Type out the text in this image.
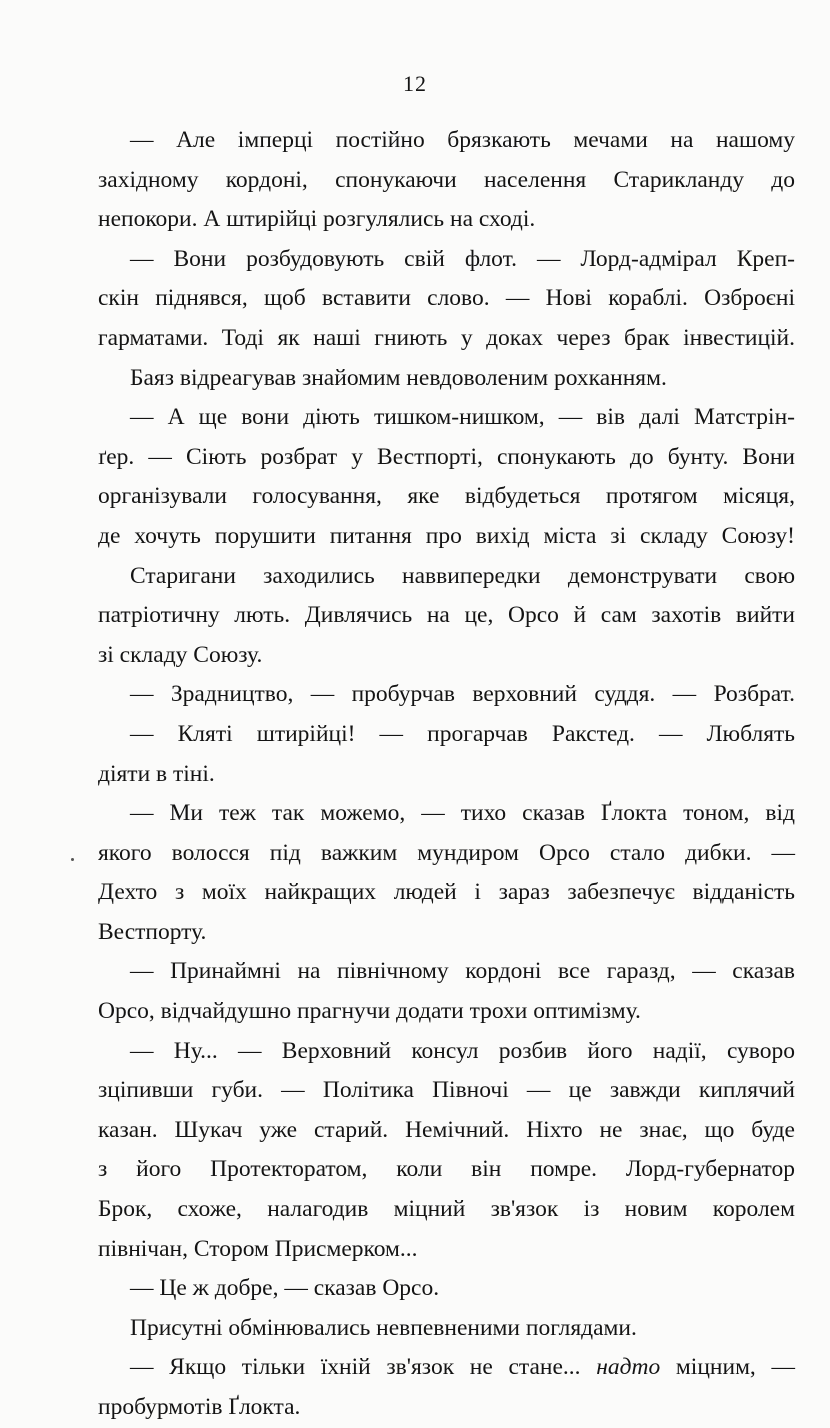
12
— Але імперці постійно брязкають мечами на нашому
західному кордоні, спонукаючи населення Старикланду до
непокори. А штирійці розгулялись на сході.
— Вони розбудовують свій флот. — Лорд-адмірал Креп-
скін піднявся, щоб вставити слово. — Нові кораблі. Озброєні
гарматами. Тоді як наші гниють у доках через брак інвестицій.
Баяз відреагував знайомим невдоволеним рохканням.
— А ще вони діють тишком-нишком, — вів далі Матстрін-
ґер. — Сіють розбрат у Вестпорті, спонукають до бунту. Вони
організували голосування, яке відбудеться протягом місяця,
де хочуть порушити питання про вихід міста зі складу Союзу!
Старигани заходились наввипередки демонструвати свою
патріотичну лють. Дивлячись на це, Орсо й сам захотів вийти
зі складу Союзу.
— Зрадництво, — пробурчав верховний суддя. — Розбрат.
— Кляті штирійці! — прогарчав Ракстед. — Люблять
діяти в тіні.
— Ми теж так можемо, — тихо сказав Ґлокта тоном, від
якого волосся під важким мундиром Орсо стало дибки. —
Дехто з моїх найкращих людей і зараз забезпечує відданість
Вестпорту.
— Принаймні на північному кордоні все гаразд, — сказав
Орсо, відчайдушно прагнучи додати трохи оптимізму.
— Ну... — Верховний консул розбив його надії, суворо
зціпивши губи. — Політика Півночі — це завжди киплячий
казан. Шукач уже старий. Немічний. Ніхто не знає, що буде
з його Протекторатом, коли він помре. Лорд-губернатор
Брок, схоже, налагодив міцний зв'язок із новим королем
північан, Стором Присмерком...
— Це ж добре, — сказав Орсо.
Присутні обмінювались невпевненими поглядами.
— Якщо тільки їхній зв'язок не стане... надто міцним, —
пробурмотів Ґлокта.
